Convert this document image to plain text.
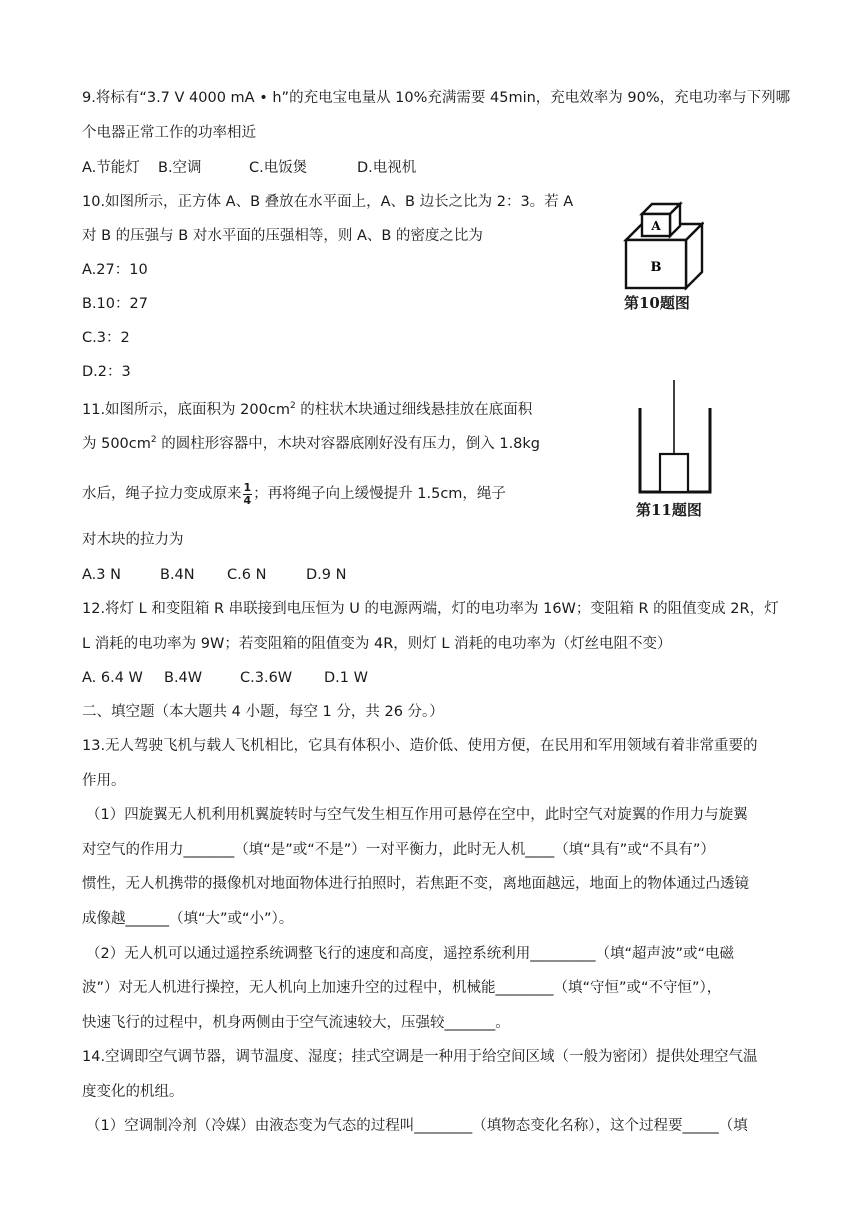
9.将标有“3.7 V 4000 mA • h”的充电宝电量从 10%充满需要 45min，充电效率为 90%，充电功率与下列哪
个电器正常工作的功率相近
A.节能灯 B.空调	C.电饭煲	D.电视机
10.如图所示，正方体 A、B 叠放在水平面上，A、B 边长之比为 2：3。若 A
对 B 的压强与 B 对水平面的压强相等，则 A、B 的密度之比为
A.27：10
B.10：27
C.3：2
D.2：3
A
B
第10题图
11.如图所示，底面积为 $200cm^2$ 的柱状木块通过细线悬挂放在底面积
为 $500cm^2$ 的圆柱形容器中，木块对容器底刚好没有压力，倒入 1.8kg
水后，绳子拉力变成原来 $\frac{1}{4}$ ；再将绳子向上缓慢提升 1.5cm，绳子
对木块的拉力为
A.3 N	B.4N C.6 N	D.9 N
第11题图
12.将灯 L 和变阻箱 R 串联接到电压恒为 U 的电源两端，灯的电功率为 16W；变阻箱 R 的阻值变成 2R，灯
L 消耗的电功率为 9W；若变阻箱的阻值变为 4R，则灯 L 消耗的电功率为（灯丝电阻不变）
A. 6.4 W B.4W	C.3.6W D.1 W
二、填空题（本大题共 4 小题，每空 1 分，共 26 分。）
13.无人驾驶飞机与载人飞机相比，它具有体积小、造价低、使用方便，在民用和军用领域有着非常重要的
作用。
（1）四旋翼无人机利用机翼旋转时与空气发生相互作用可悬停在空中，此时空气对旋翼的作用力与旋翼
对空气的作用力_______（填“是”或“不是”）一对平衡力，此时无人机____（填“具有”或“不具有”）
惯性，无人机携带的摄像机对地面物体进行拍照时，若焦距不变，离地面越远，地面上的物体通过凸透镜
成像越______（填“大”或“小”）。
（2）无人机可以通过遥控系统调整飞行的速度和高度，遥控系统利用_________（填“超声波”或“电磁
波”）对无人机进行操控，无人机向上加速升空的过程中，机械能________（填“守恒”或“不守恒”），
快速飞行的过程中，机身两侧由于空气流速较大，压强较_______。
14.空调即空气调节器，调节温度、湿度；挂式空调是一种用于给空间区域（一般为密闭）提供处理空气温
度变化的机组。
（1）空调制冷剂（冷媒）由液态变为气态的过程叫________（填物态变化名称），这个过程要_____（填
